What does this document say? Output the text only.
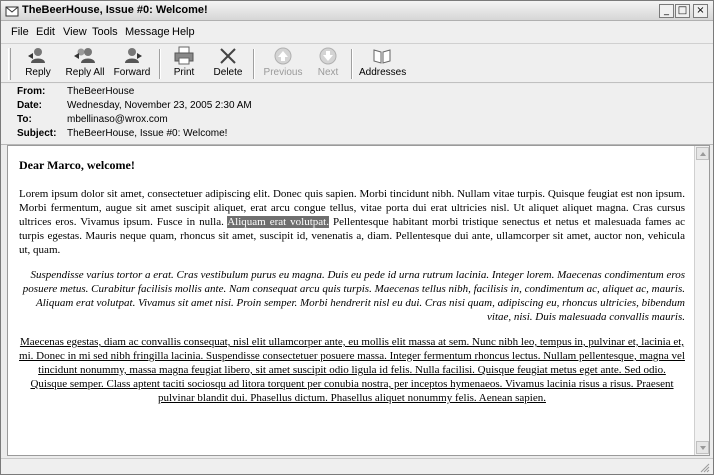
TheBeerHouse, Issue #0: Welcome!	_ □ ×
File Edit View Tools Message Help
Reply	Reply All Forward	Print	Delete	Previous	Next	Addresses
From: TheBeerHouse
Date: Wednesday, November 23, 2005 2:30 AM
To:	mbellinaso@wrox.com
Subject: TheBeerHouse, Issue #0: Welcome!
Dear Marco, welcome!
Lorem ipsum dolor sit amet, consectetuer adipiscing elit. Donec quis sapien. Morbi tincidunt nibh. Nullam vitae turpis. Quisque feugiat est non ipsum. Morbi fermentum, augue sit amet suscipit aliquet, erat arcu congue tellus, vitae porta dui erat ultricies nisl. Ut aliquet aliquet magna. Cras cursus ultrices eros. Vivamus ipsum. Fusce in nulla. Aliquam erat volutpat. Pellentesque habitant morbi tristique senectus et netus et malesuada fames ac turpis egestas. Mauris neque quam, rhoncus sit amet, suscipit id, venenatis a, diam. Pellentesque dui ante, ullamcorper sit amet, auctor non, vehicula ut, quam.
Suspendisse varius tortor a erat. Cras vestibulum purus eu magna. Duis eu pede id urna rutrum lacinia. Integer lorem. Maecenas condimentum eros posuere metus. Curabitur facilisis mollis ante. Nam consequat arcu quis turpis. Maecenas tellus nibh, facilisis in, condimentum ac, aliquet ac, mauris. Aliquam erat volutpat. Vivamus sit amet nisi. Proin semper. Morbi hendrerit nisl eu dui. Cras nisi quam, adipiscing eu, rhoncus ultricies, bibendum vitae, nisi. Duis malesuada convallis mauris.
Maecenas egestas, diam ac convallis consequat, nisl elit ullamcorper ante, eu mollis elit massa at sem. Nunc nibh leo, tempus in, pulvinar et, lacinia et, mi. Donec in mi sed nibh fringilla lacinia. Suspendisse consectetuer posuere massa. Integer fermentum rhoncus lectus. Nullam pellentesque, magna vel tincidunt nonummy, massa magna feugiat libero, sit amet suscipit odio ligula id felis. Nulla facilisi. Quisque feugiat metus eget ante. Sed odio. Quisque semper. Class aptent taciti sociosqu ad litora torquent per conubia nostra, per inceptos hymenaeos. Vivamus lacinia risus a risus. Praesent pulvinar blandit dui. Phasellus dictum. Phasellus aliquet nonummy felis. Aenean sapien.
